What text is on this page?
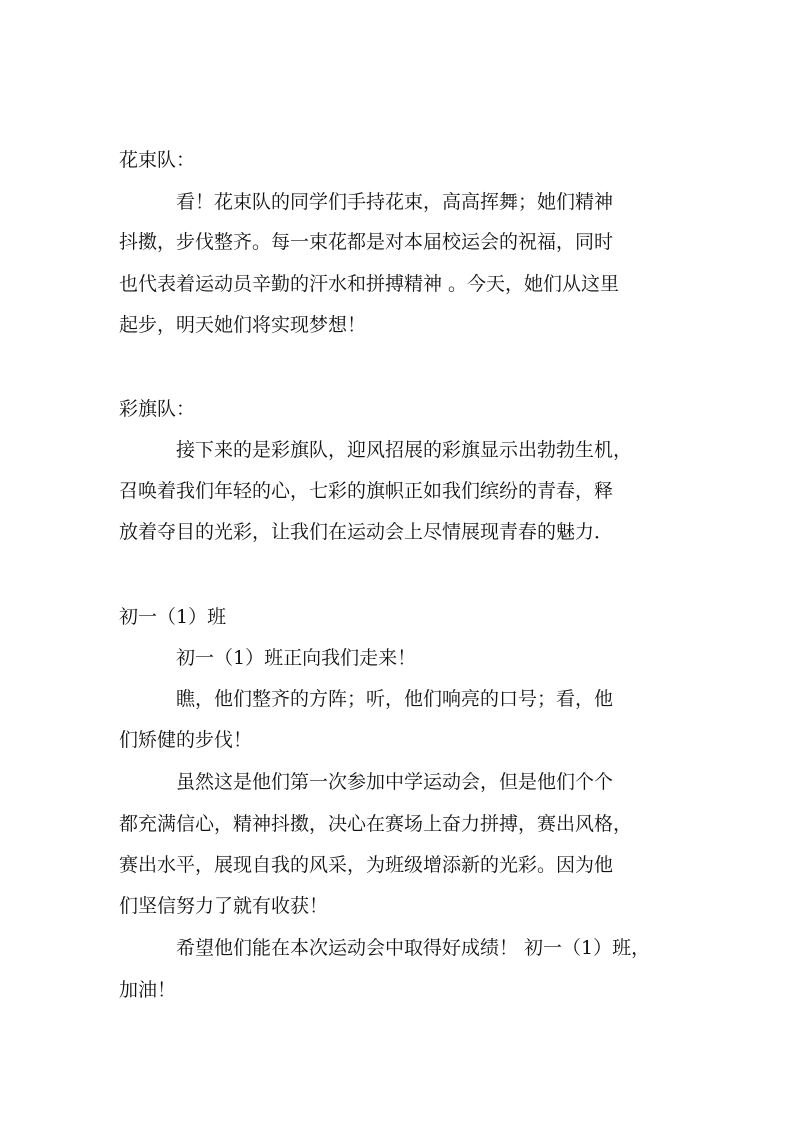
花束队：
看！花束队的同学们手持花束，高高挥舞；她们精神
抖擞，步伐整齐。每一束花都是对本届校运会的祝福，同时
也代表着运动员辛勤的汗水和拼搏精神 。今天，她们从这里
起步，明天她们将实现梦想！
彩旗队：
接下来的是彩旗队，迎风招展的彩旗显示出勃勃生机，
召唤着我们年轻的心，七彩的旗帜正如我们缤纷的青春，释
放着夺目的光彩，让我们在运动会上尽情展现青春的魅力．
初一（1）班
初一（1）班正向我们走来！
瞧，他们整齐的方阵；听，他们响亮的口号；看，他
们矫健的步伐！
虽然这是他们第一次参加中学运动会，但是他们个个
都充满信心，精神抖擞，决心在赛场上奋力拼搏，赛出风格，
赛出水平，展现自我的风采，为班级增添新的光彩。因为他
们坚信努力了就有收获！
希望他们能在本次运动会中取得好成绩！ 初一（1）班，
加油！
